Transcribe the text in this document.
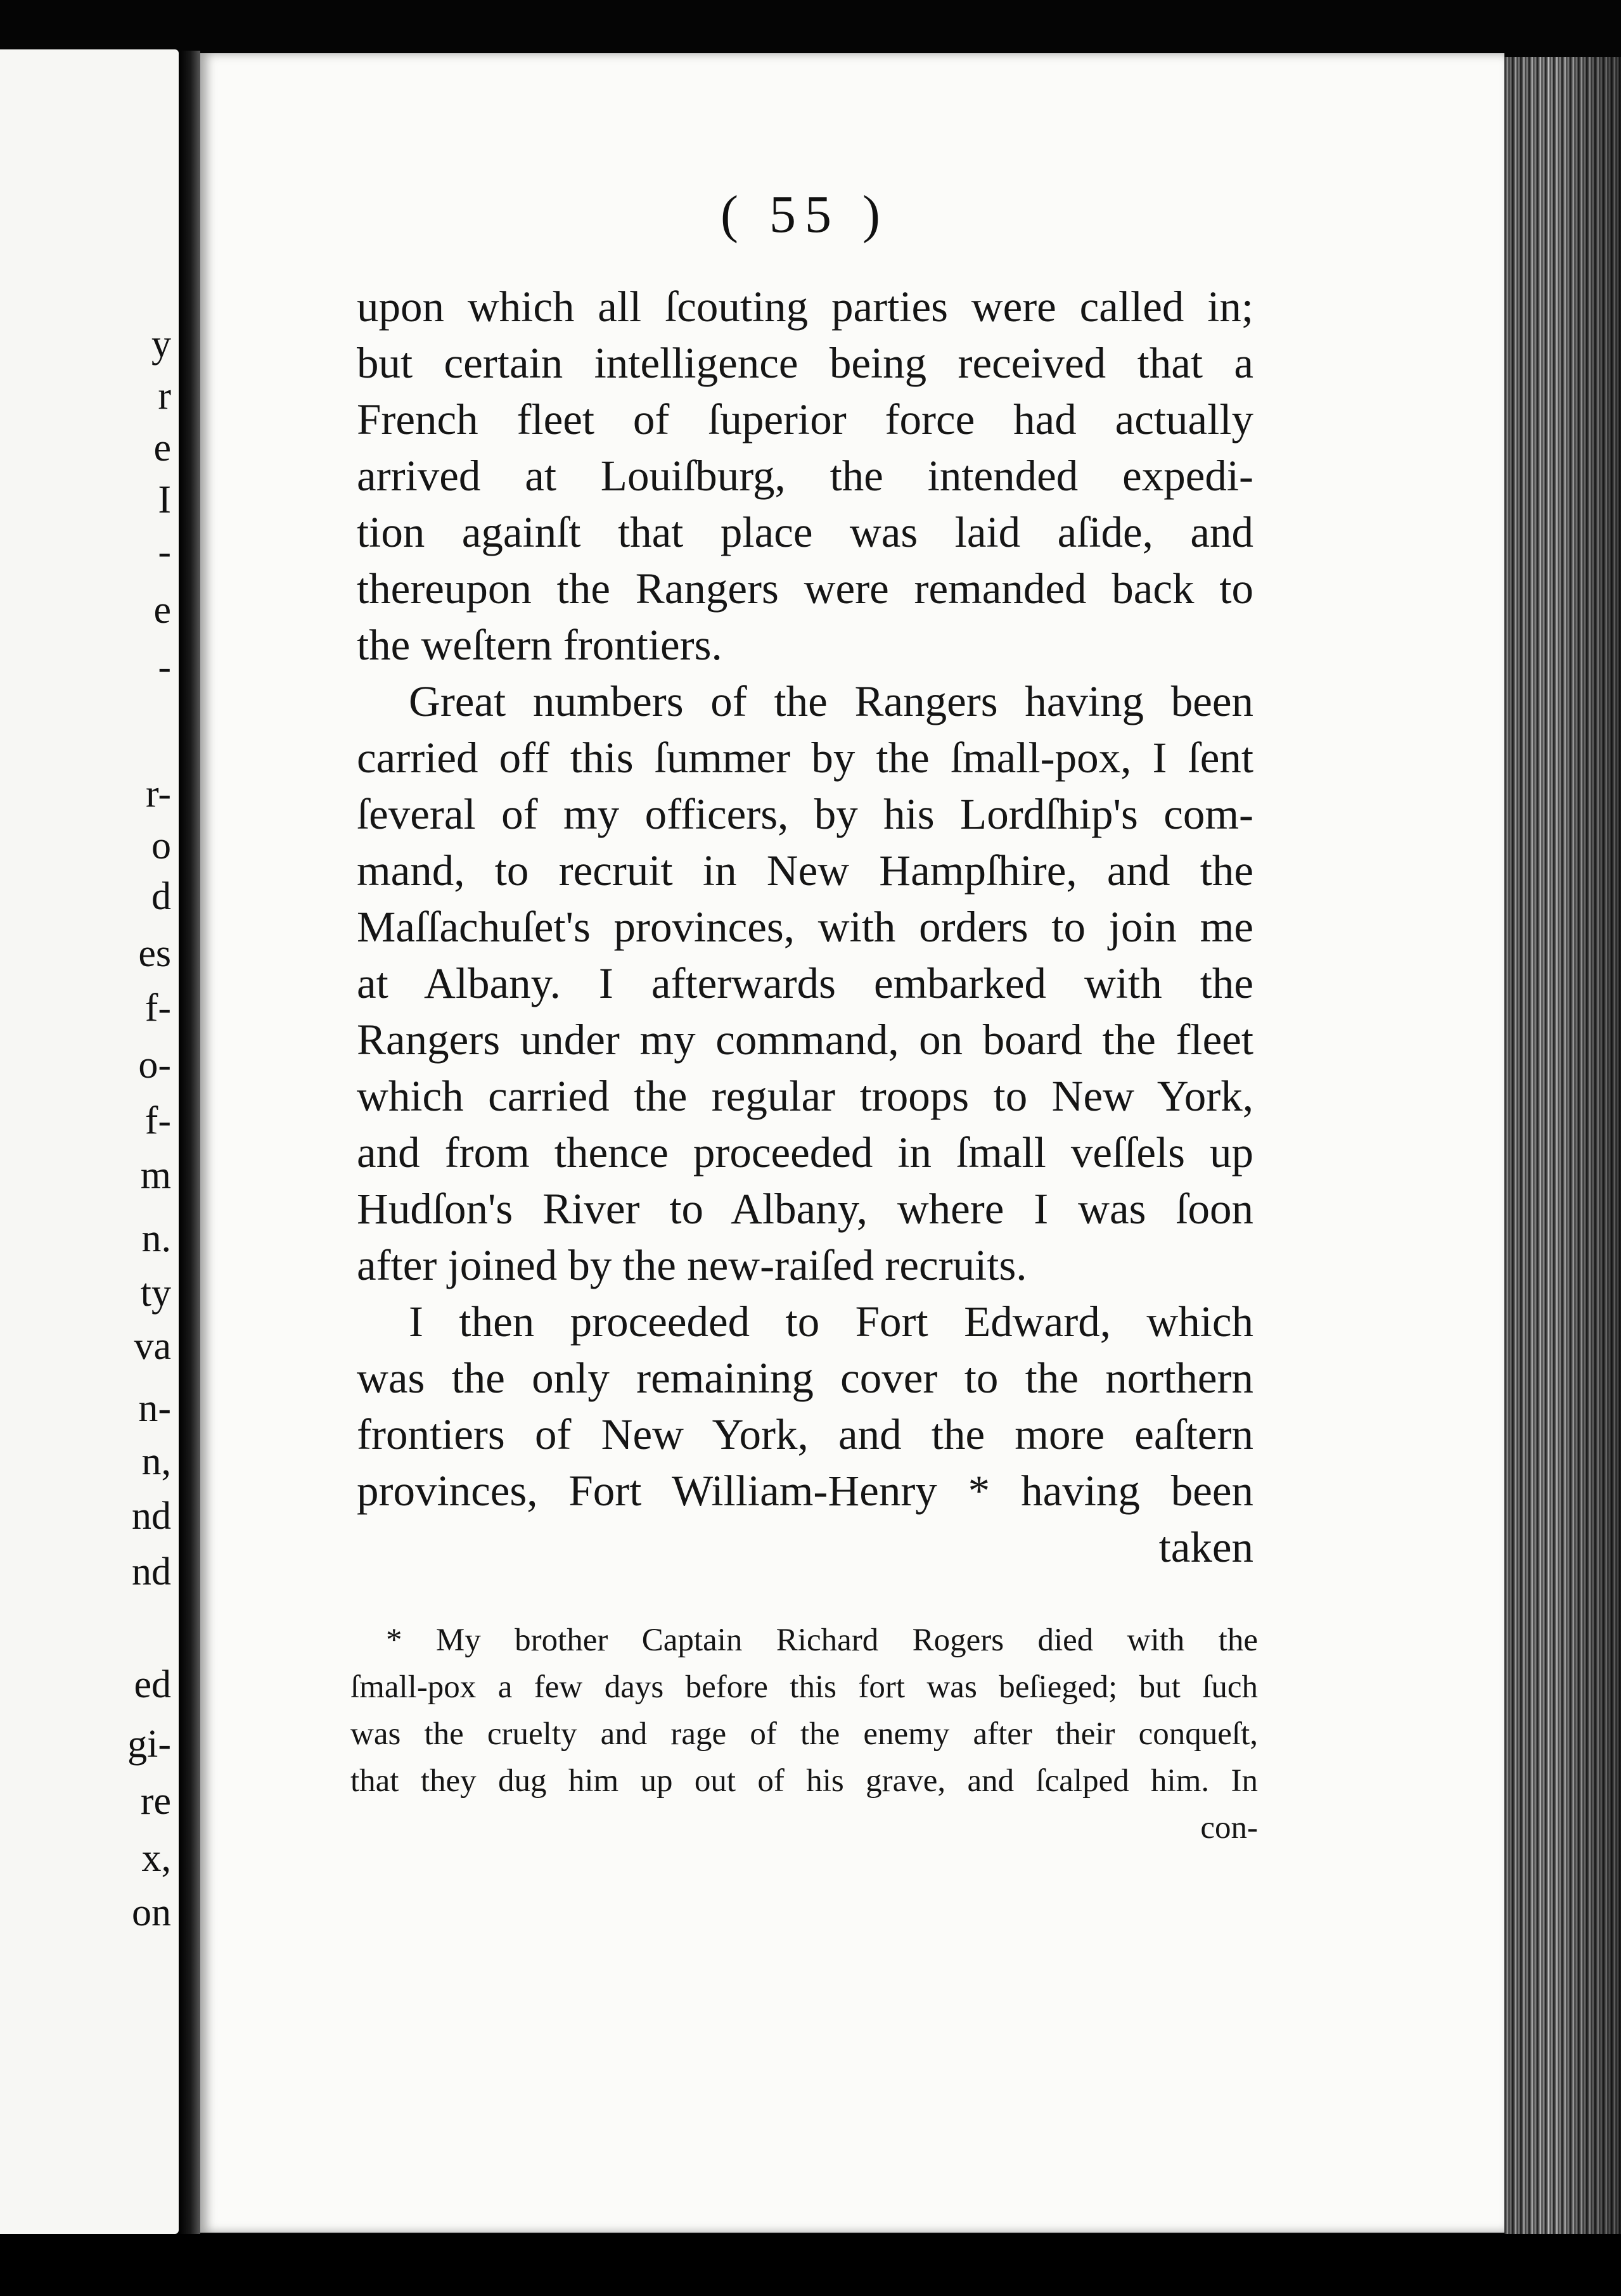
y
r
e
I
-
e
-
r-
o
d
es
f-
o-
f-
m
n.
ty
va
n-
n,
nd
nd
ed
gi-
re
x,
on
( 55 )
upon which all ſcouting parties were called in;
but certain intelligence being received that a
French fleet of ſuperior force had actually
arrived at Louiſburg, the intended expedi-
tion againſt that place was laid aſide, and
thereupon the Rangers were remanded back to
the weſtern frontiers.
Great numbers of the Rangers having been
carried off this ſummer by the ſmall-pox, I ſent
ſeveral of my officers, by his Lordſhip's com-
mand, to recruit in New Hampſhire, and the
Maſſachuſet's provinces, with orders to join me
at Albany. I afterwards embarked with the
Rangers under my command, on board the fleet
which carried the regular troops to New York,
and from thence proceeded in ſmall veſſels up
Hudſon's River to Albany, where I was ſoon
after joined by the new-raiſed recruits.
I then proceeded to Fort Edward, which
was the only remaining cover to the northern
frontiers of New York, and the more eaſtern
provinces, Fort William-Henry * having been
taken
* My brother Captain Richard Rogers died with the
ſmall-pox a few days before this fort was beſieged; but ſuch
was the cruelty and rage of the enemy after their conqueſt,
that they dug him up out of his grave, and ſcalped him. In
con-
